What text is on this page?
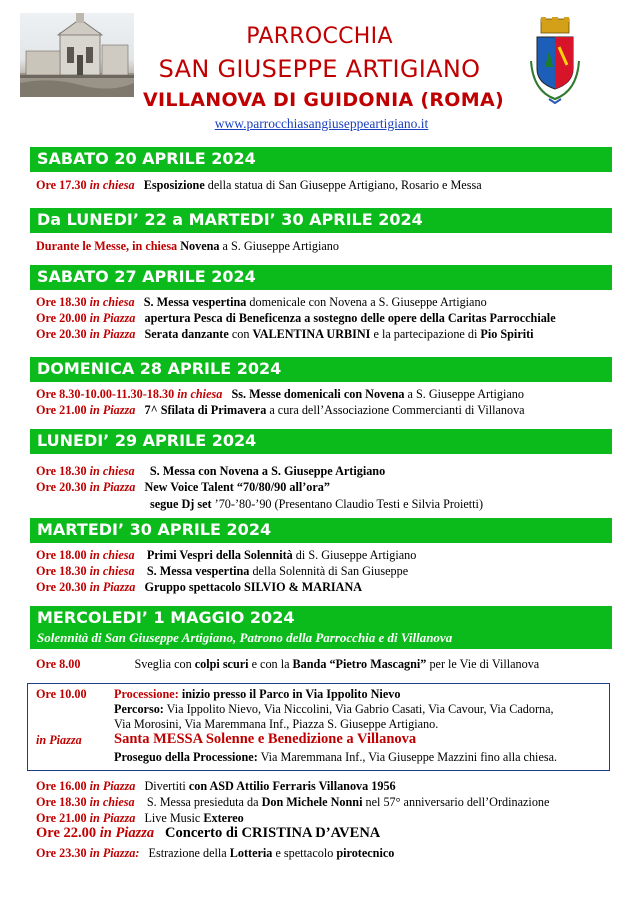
PARROCCHIA
SAN GIUSEPPE ARTIGIANO
VILLANOVA DI GUIDONIA (ROMA)
www.parrocchiasangiuseppeartigiano.it
SABATO 20 APRILE 2024
Ore 17.30 in chiesa Esposizione della statua di San Giuseppe Artigiano, Rosario e Messa
Da LUNEDI’ 22 a MARTEDI’ 30 APRILE 2024
Durante le Messe, in chiesa Novena a S. Giuseppe Artigiano
SABATO 27 APRILE 2024
Ore 18.30 in chiesa S. Messa vespertina domenicale con Novena a S. Giuseppe Artigiano
Ore 20.00 in Piazza apertura Pesca di Beneficenza a sostegno delle opere della Caritas Parrocchiale
Ore 20.30 in Piazza Serata danzante con VALENTINA URBINI e la partecipazione di Pio Spiriti
DOMENICA 28 APRILE 2024
Ore 8.30-10.00-11.30-18.30 in chiesa Ss. Messe domenicali con Novena a S. Giuseppe Artigiano
Ore 21.00 in Piazza 7^ Sfilata di Primavera a cura dell’Associazione Commercianti di Villanova
LUNEDI’ 29 APRILE 2024
Ore 18.30 in chiesa S. Messa con Novena a S. Giuseppe Artigiano
Ore 20.30 in Piazza New Voice Talent “70/80/90 all’ora”
segue Dj set ’70-’80-’90 (Presentano Claudio Testi e Silvia Proietti)
MARTEDI’ 30 APRILE 2024
Ore 18.00 in chiesa Primi Vespri della Solennità di S. Giuseppe Artigiano
Ore 18.30 in chiesa S. Messa vespertina della Solennità di San Giuseppe
Ore 20.30 in Piazza Gruppo spettacolo SILVIO & MARIANA
MERCOLEDI’ 1 MAGGIO 2024
Solennità di San Giuseppe Artigiano, Patrono della Parrocchia e di Villanova
Ore 8.00	Sveglia con colpi scuri e con la Banda “Pietro Mascagni” per le Vie di Villanova
Ore 10.00 Processione: inizio presso il Parco in Via Ippolito Nievo
Percorso: Via Ippolito Nievo, Via Niccolini, Via Gabrio Casati, Via Cavour, Via Cadorna,
Via Morosini, Via Maremmana Inf., Piazza S. Giuseppe Artigiano.
in Piazza Santa MESSA Solenne e Benedizione a Villanova
Proseguo della Processione: Via Maremmana Inf., Via Giuseppe Mazzini fino alla chiesa.
Ore 16.00 in Piazza Divertiti con ASD Attilio Ferraris Villanova 1956
Ore 18.30 in chiesa S. Messa presieduta da Don Michele Nonni nel 57° anniversario dell’Ordinazione
Ore 21.00 in Piazza Live Music Extereo
Ore 22.00 in Piazza Concerto di CRISTINA D’AVENA
Ore 23.30 in Piazza: Estrazione della Lotteria e spettacolo pirotecnico
